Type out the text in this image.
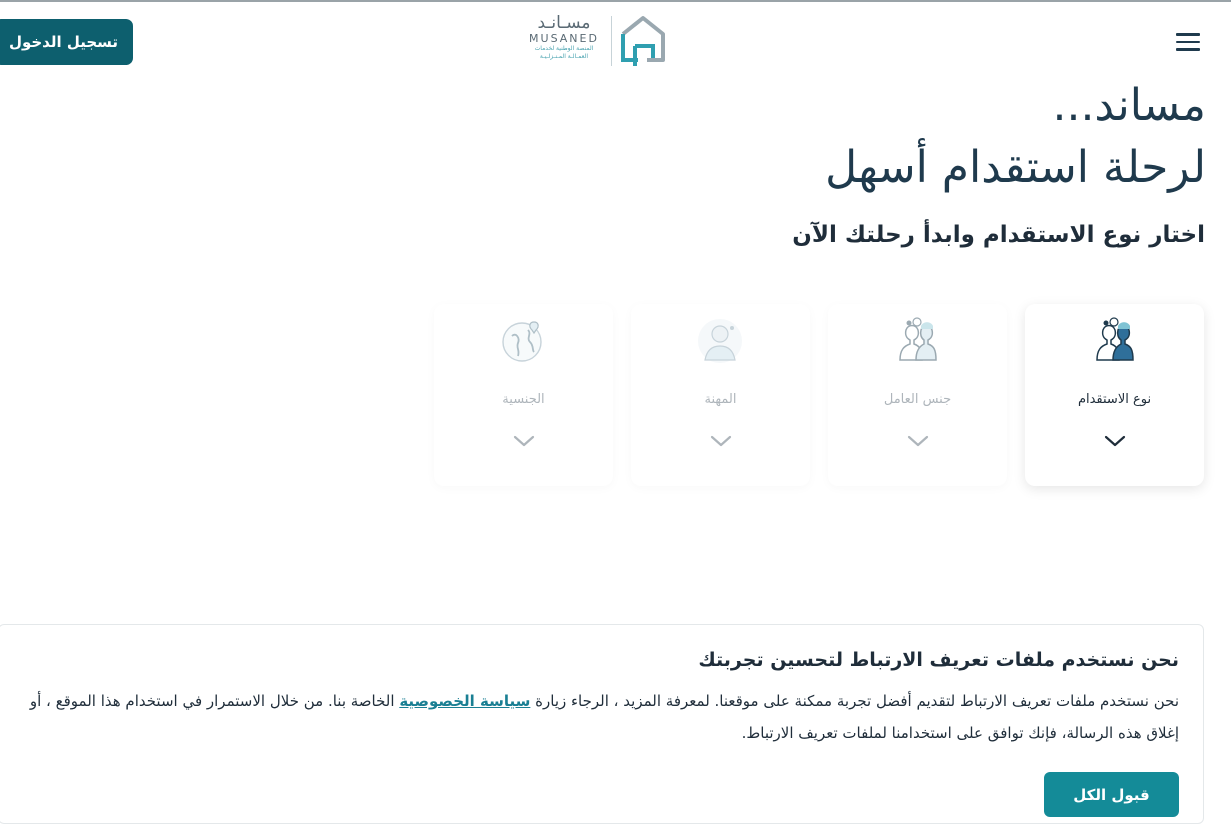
تسجيل الدخول
مسـانـد
MUSANED
المنصة الوطنية لخدمات
العمـالـة المـنـزلـيـة
مساند...
لرحلة استقدام أسهل
اختار نوع الاستقدام وابدأ رحلتك الآن
نوع الاستقدام
جنس العامل
المهنة
الجنسية
نحن نستخدم ملفات تعريف الارتباط لتحسين تجربتك
نحن نستخدم ملفات تعريف الارتباط لتقديم أفضل تجربة ممكنة على موقعنا. لمعرفة المزيد ، الرجاء زيارة سياسة الخصوصية الخاصة بنا. من خلال الاستمرار في استخدام هذا الموقع ، أو إغلاق هذه الرسالة، فإنك توافق على استخدامنا لملفات تعريف الارتباط.
قبول الكل
